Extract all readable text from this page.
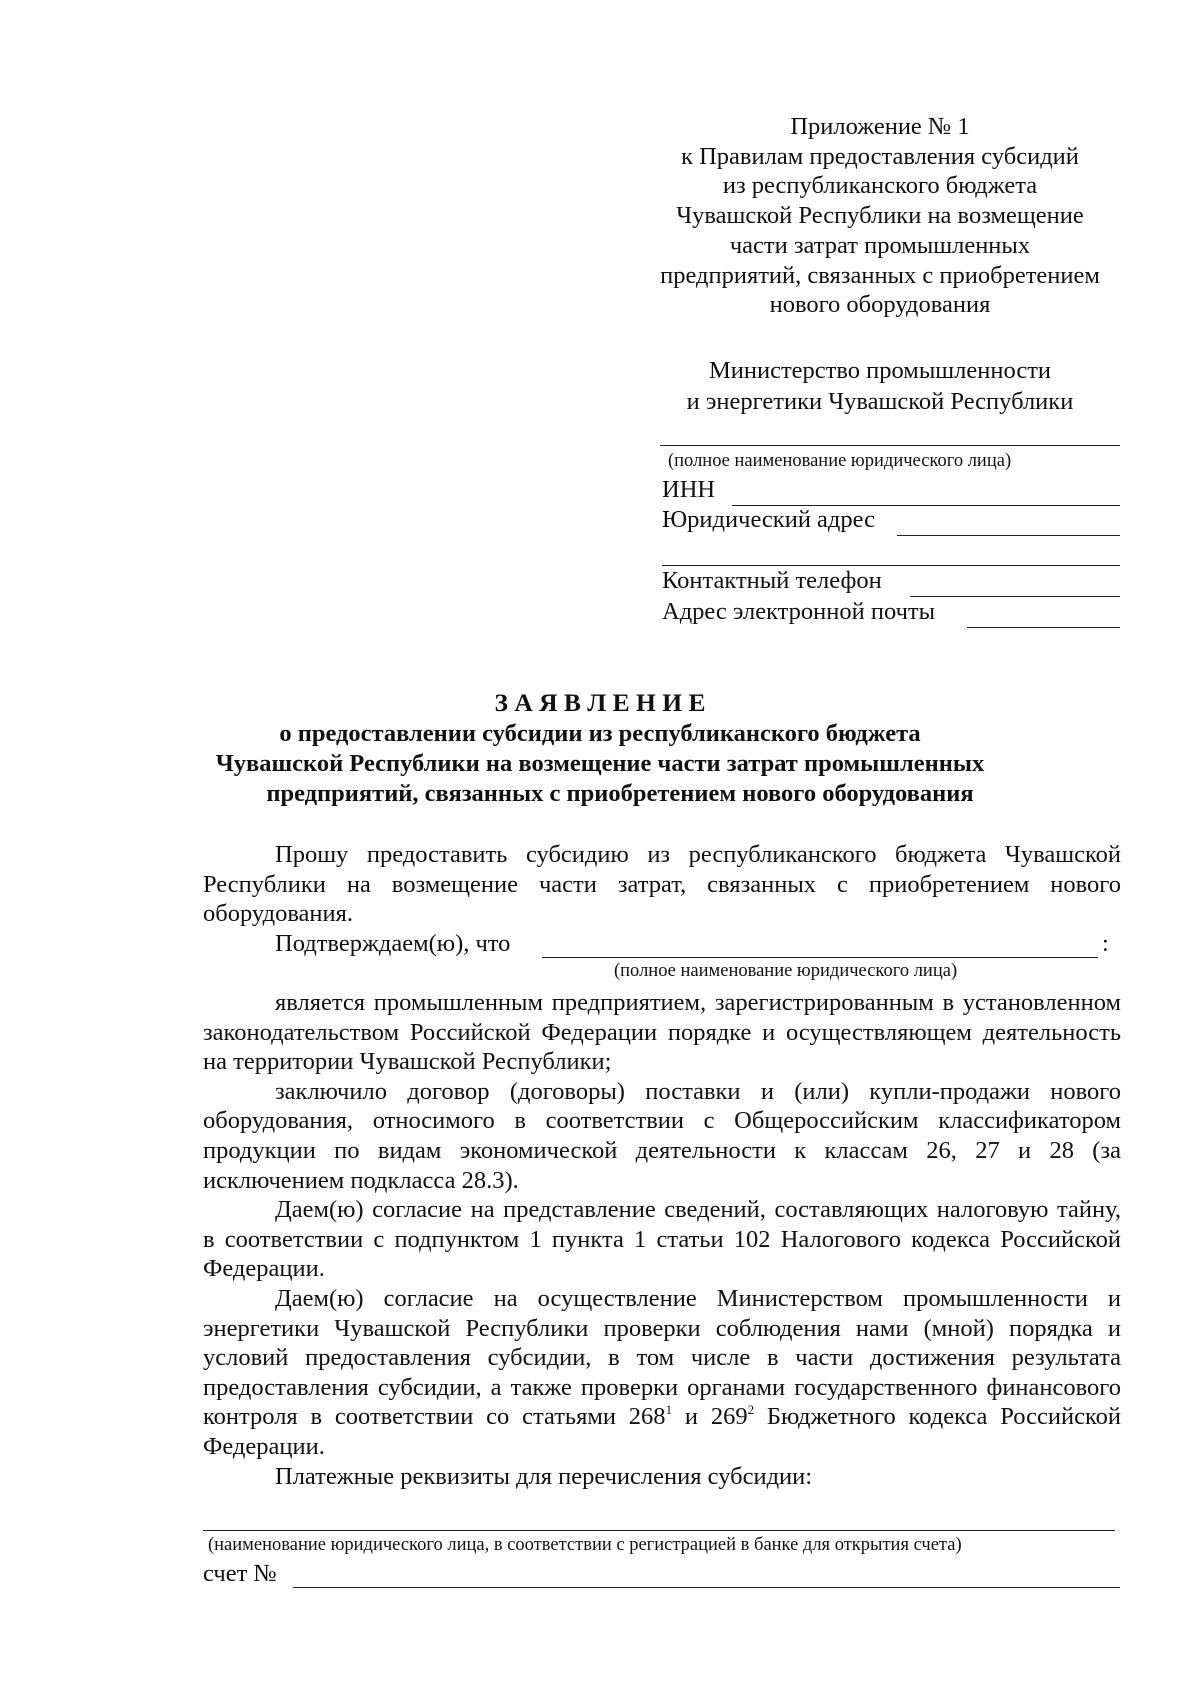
Приложение № 1
к Правилам предоставления субсидий
из республиканского бюджета
Чувашской Республики на возмещение
части затрат промышленных
предприятий, связанных с приобретением
нового оборудования
Министерство промышленности
и энергетики Чувашской Республики
(полное наименование юридического лица)
ИНН
Юридический адрес
Контактный телефон
Адрес электронной почты
З А Я В Л Е Н И Е
о предоставлении субсидии из республиканского бюджета
Чувашской Республики на возмещение части затрат промышленных
предприятий, связанных с приобретением нового оборудования

Прошу предоставить субсидию из республиканского бюджета Чувашской Республики на возмещение части затрат, связанных с приобретением нового оборудования.

Подтверждаем(ю), что	:
(полное наименование юридического лица)

является промышленным предприятием, зарегистрированным в установленном законодательством Российской Федерации порядке и осуществляющем деятельность на территории Чувашской Республики;

заключило договор (договоры) поставки и (или) купли-продажи нового оборудования, относимого в соответствии с Общероссийским классификатором продукции по видам экономической деятельности к классам 26, 27 и 28 (за исключением подкласса 28.3).

Даем(ю) согласие на представление сведений, составляющих налоговую тайну, в соответствии с подпунктом 1 пункта 1 статьи 102 Налогового кодекса Российской Федерации.

Даем(ю) согласие на осуществление Министерством промышленности и энергетики Чувашской Республики проверки соблюдения нами (мной) порядка и условий предоставления субсидии, в том числе в части достижения результата предоставления субсидии, а также проверки органами государственного финансового контроля в соответствии со статьями $268^1$ и $269^2$ Бюджетного кодекса Российской Федерации.

Платежные реквизиты для перечисления субсидии:

(наименование юридического лица, в соответствии с регистрацией в банке для открытия счета)
счет №
